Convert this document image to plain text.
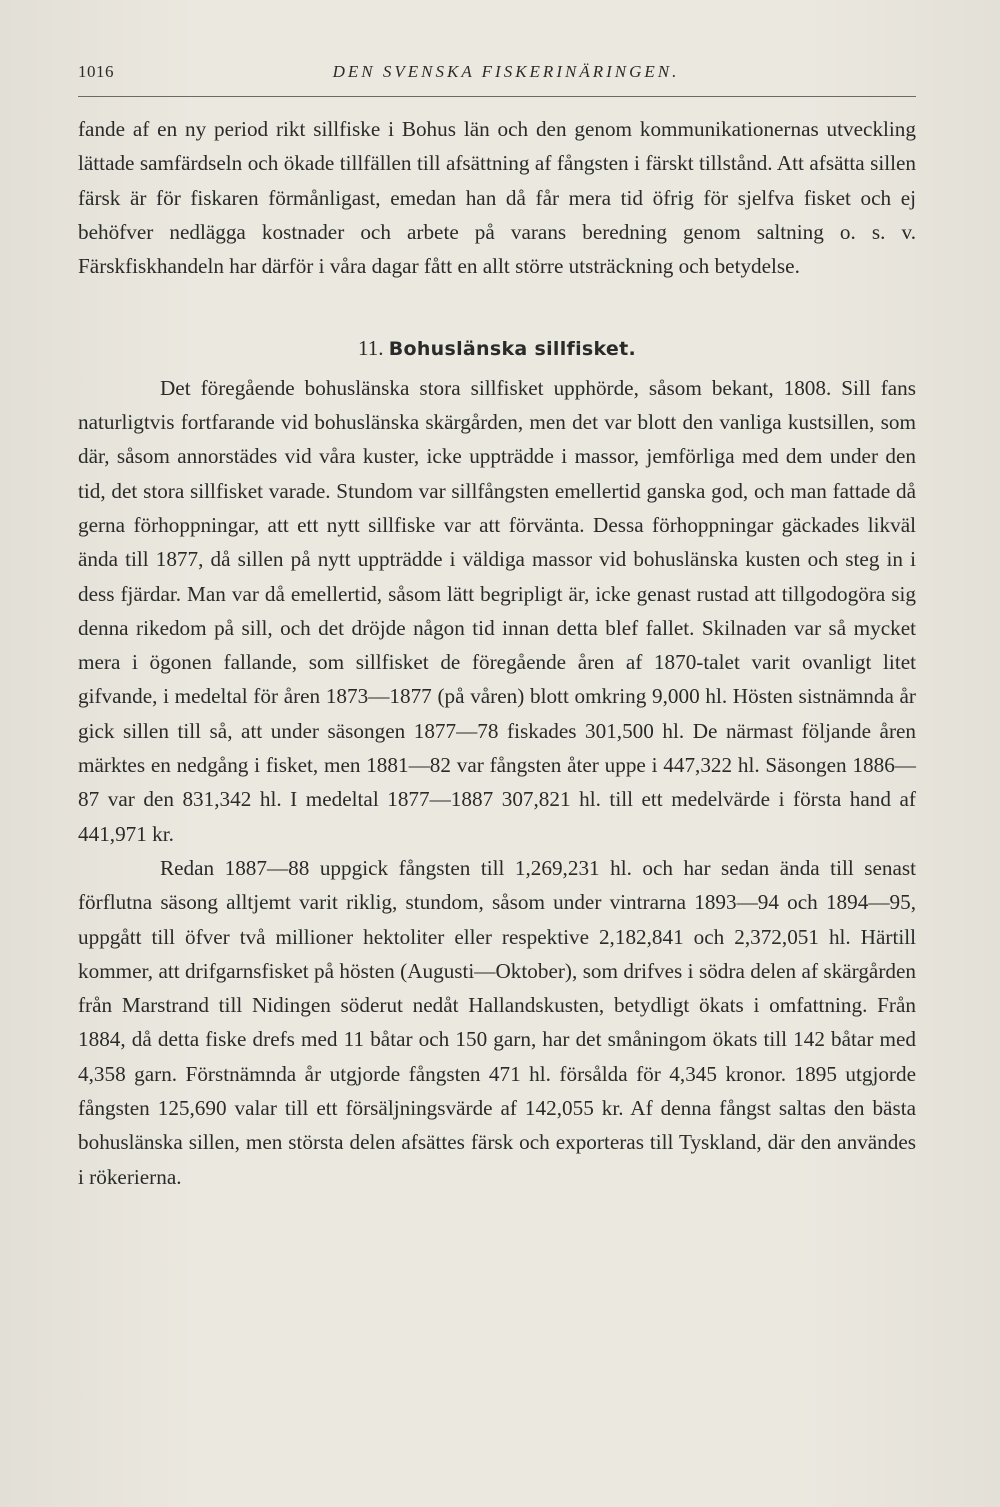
1016	DEN SVENSKA FISKERINÄRINGEN.

fande af en ny period rikt sillfiske i Bohus län och den genom kommunikationernas utveckling lättade samfärdseln och ökade tillfällen till afsättning af fångsten i färskt tillstånd. Att afsätta sillen färsk är för fiskaren förmånligast, emedan han då får mera tid öfrig för sjelfva fisket och ej behöfver nedlägga kostnader och arbete på varans beredning genom saltning o. s. v. Färskfiskhandeln har därför i våra dagar fått en allt större utsträckning och betydelse.

11. Bohuslänska sillfisket.

Det föregående bohuslänska stora sillfisket upphörde, såsom bekant, 1808. Sill fans naturligtvis fortfarande vid bohuslänska skärgården, men det var blott den vanliga kustsillen, som där, såsom annorstädes vid våra kuster, icke uppträdde i massor, jemförliga med dem under den tid, det stora sillfisket varade. Stundom var sillfångsten emellertid ganska god, och man fattade då gerna förhoppningar, att ett nytt sillfiske var att förvänta. Dessa förhoppningar gäckades likväl ända till 1877, då sillen på nytt uppträdde i väldiga massor vid bohuslänska kusten och steg in i dess fjärdar. Man var då emellertid, såsom lätt begripligt är, icke genast rustad att tillgodogöra sig denna rikedom på sill, och det dröjde någon tid innan detta blef fallet. Skilnaden var så mycket mera i ögonen fallande, som sillfisket de föregående åren af 1870-talet varit ovanligt litet gifvande, i medeltal för åren 1873—1877 (på våren) blott omkring 9,000 hl. Hösten sistnämnda år gick sillen till så, att under säsongen 1877—78 fiskades 301,500 hl. De närmast följande åren märktes en nedgång i fisket, men 1881—82 var fångsten åter uppe i 447,322 hl. Säsongen 1886—87 var den 831,342 hl. I medeltal 1877—1887 307,821 hl. till ett medelvärde i första hand af 441,971 kr.

Redan 1887—88 uppgick fångsten till 1,269,231 hl. och har sedan ända till senast förflutna säsong alltjemt varit riklig, stundom, såsom under vintrarna 1893—94 och 1894—95, uppgått till öfver två millioner hektoliter eller respektive 2,182,841 och 2,372,051 hl. Härtill kommer, att drifgarnsfisket på hösten (Augusti—Oktober), som drifves i södra delen af skärgården från Marstrand till Nidingen söderut nedåt Hallandskusten, betydligt ökats i omfattning. Från 1884, då detta fiske drefs med 11 båtar och 150 garn, har det småningom ökats till 142 båtar med 4,358 garn. Förstnämnda år utgjorde fångsten 471 hl. försålda för 4,345 kronor. 1895 utgjorde fångsten 125,690 valar till ett försäljningsvärde af 142,055 kr. Af denna fångst saltas den bästa bohuslänska sillen, men största delen afsättes färsk och exporteras till Tyskland, där den användes i rökerierna.
